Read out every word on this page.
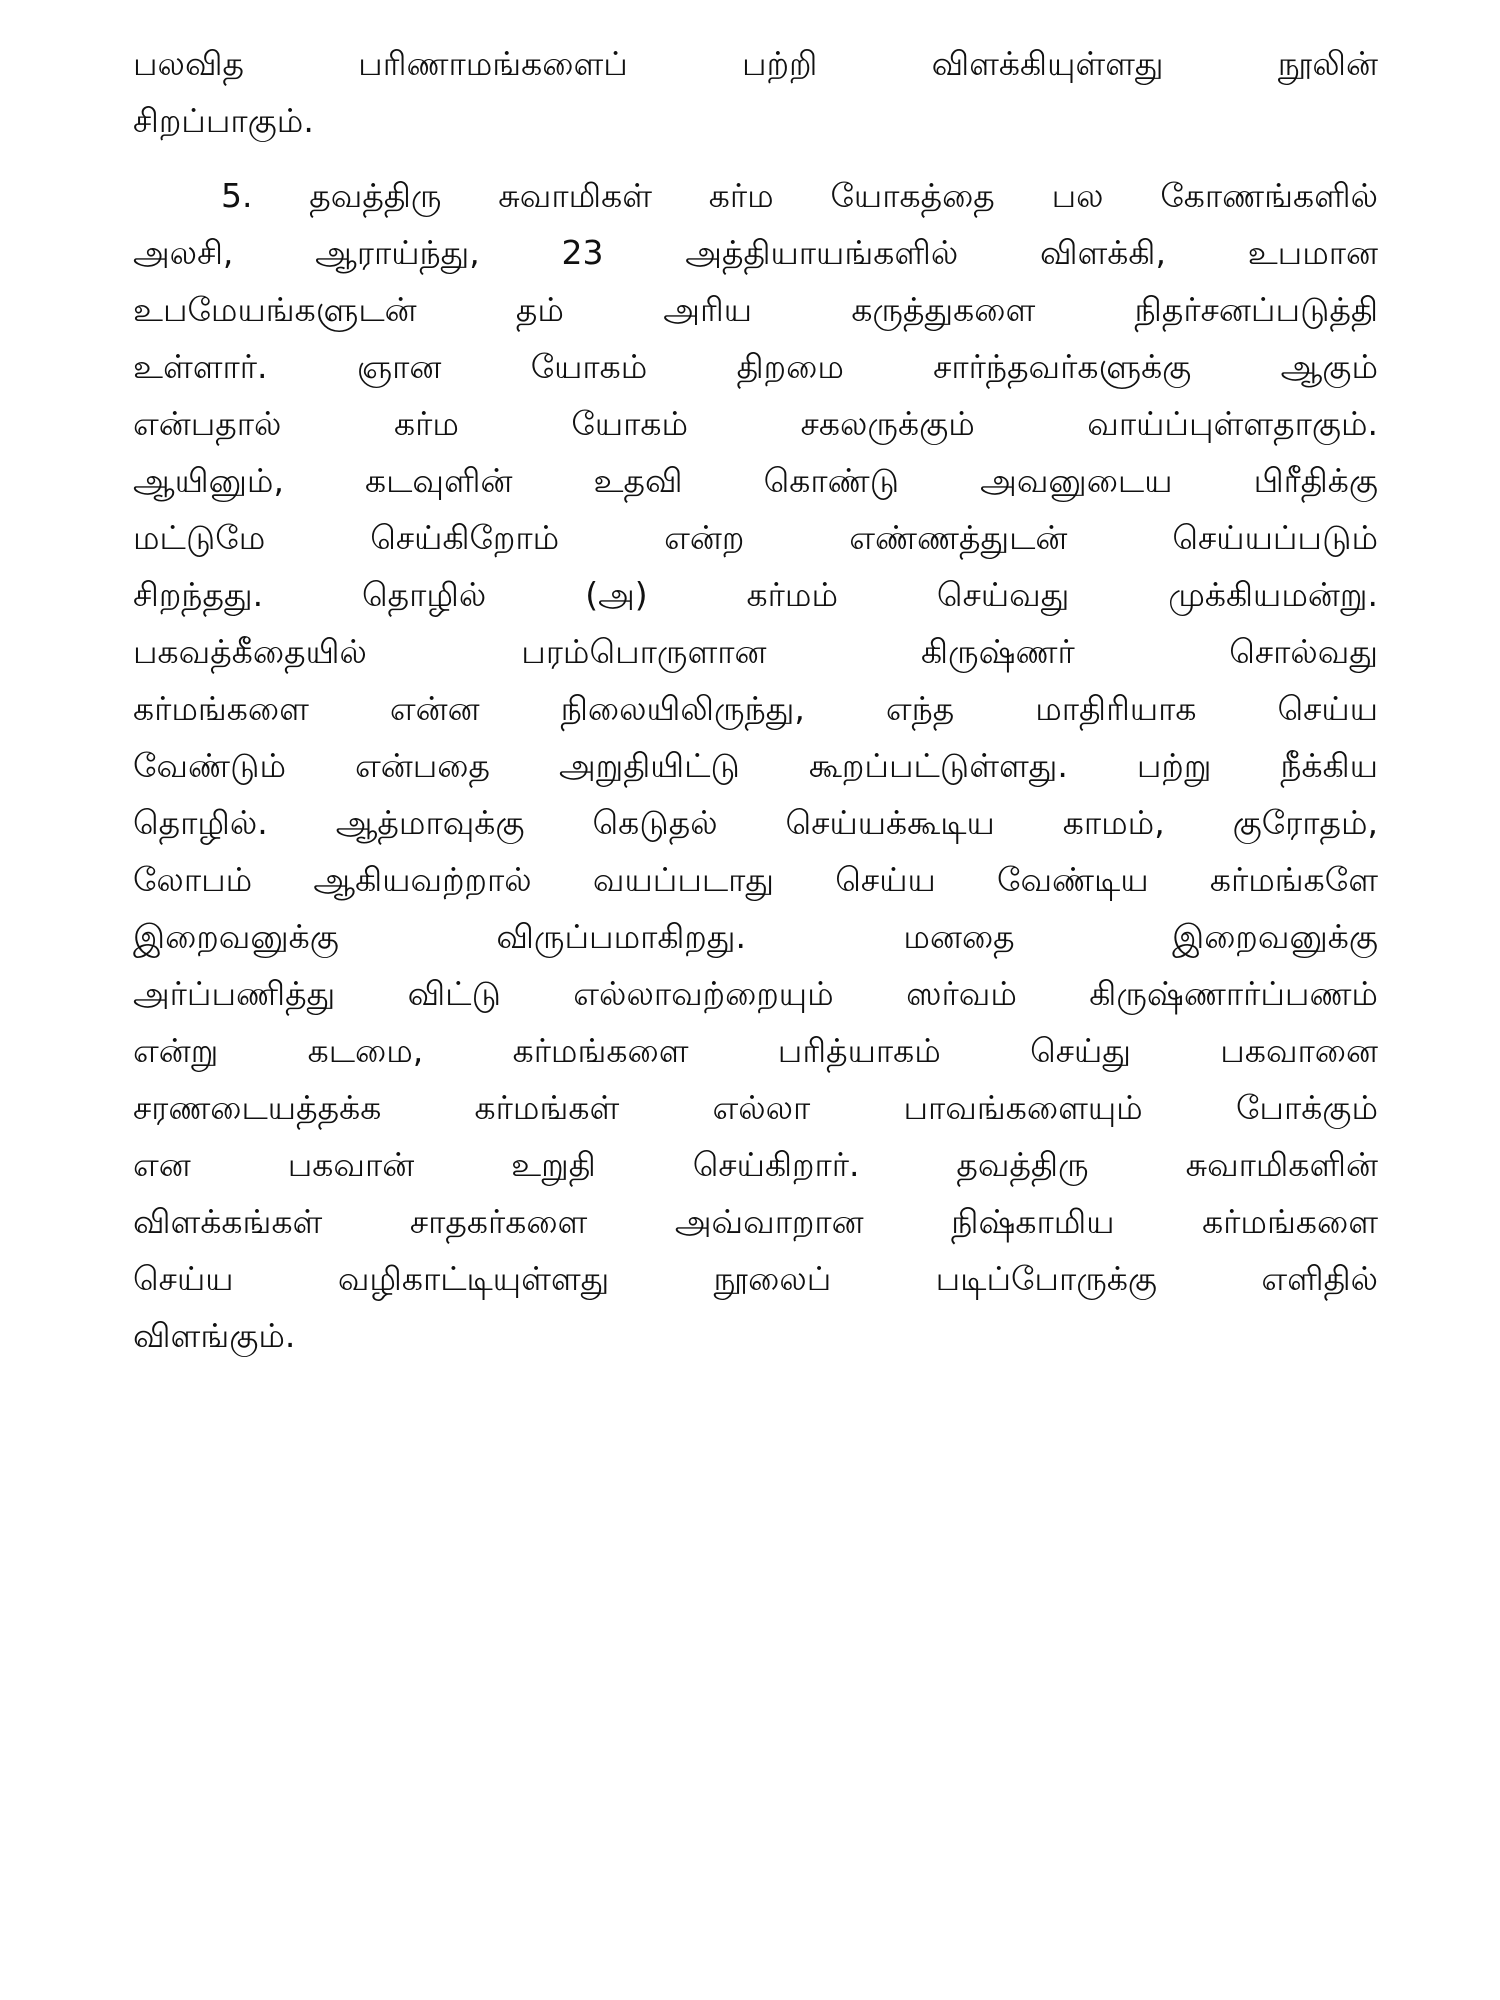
பலவித பரிணாமங்களைப் பற்றி விளக்கியுள்ளது நூலின்
சிறப்பாகும்.
5. தவத்திரு சுவாமிகள் கர்ம யோகத்தை பல கோணங்களில்
அலசி, ஆராய்ந்து, 23 அத்தியாயங்களில் விளக்கி, உபமான
உபமேயங்களுடன் தம் அரிய கருத்துகளை நிதர்சனப்படுத்தி
உள்ளார். ஞான யோகம் திறமை சார்ந்தவர்களுக்கு ஆகும்
என்பதால் கர்ம யோகம் சகலருக்கும் வாய்ப்புள்ளதாகும்.
ஆயினும், கடவுளின் உதவி கொண்டு அவனுடைய பிரீதிக்கு
மட்டுமே செய்கிறோம் என்ற எண்ணத்துடன் செய்யப்படும்
சிறந்தது. தொழில் (அ) கர்மம் செய்வது முக்கியமன்று.
பகவத்கீதையில் பரம்பொருளான கிருஷ்ணர் சொல்வது
கர்மங்களை என்ன நிலையிலிருந்து, எந்த மாதிரியாக செய்ய
வேண்டும் என்பதை அறுதியிட்டு கூறப்பட்டுள்ளது. பற்று நீக்கிய
தொழில். ஆத்மாவுக்கு கெடுதல் செய்யக்கூடிய காமம், குரோதம்,
லோபம் ஆகியவற்றால் வயப்படாது செய்ய வேண்டிய கர்மங்களே
இறைவனுக்கு விருப்பமாகிறது. மனதை இறைவனுக்கு
அர்ப்பணித்து விட்டு எல்லாவற்றையும் ஸர்வம் கிருஷ்ணார்ப்பணம்
என்று கடமை, கர்மங்களை பரித்யாகம் செய்து பகவானை
சரணடையத்தக்க கர்மங்கள் எல்லா பாவங்களையும் போக்கும்
என பகவான் உறுதி செய்கிறார். தவத்திரு சுவாமிகளின்
விளக்கங்கள் சாதகர்களை அவ்வாறான நிஷ்காமிய கர்மங்களை
செய்ய வழிகாட்டியுள்ளது நூலைப் படிப்போருக்கு எளிதில்
விளங்கும்.
